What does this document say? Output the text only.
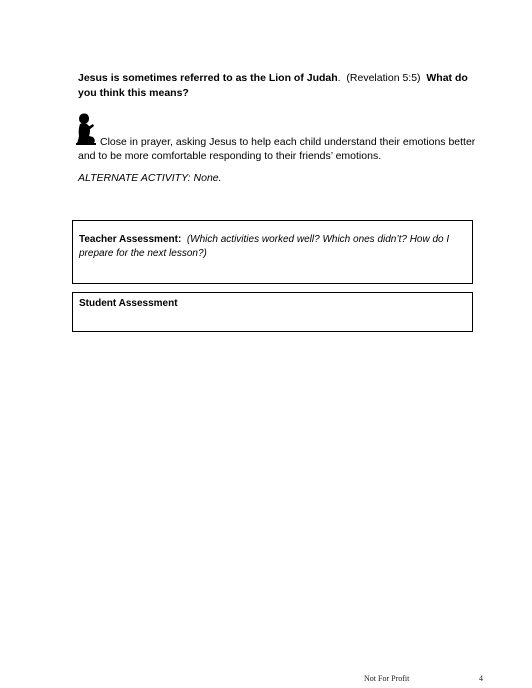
Jesus is sometimes referred to as the Lion of Judah.  (Revelation 5:5)  What do you think this means?

Close in prayer, asking Jesus to help each child understand their emotions better and to be more comfortable responding to their friends’ emotions.

ALTERNATE ACTIVITY: None.

Teacher Assessment: (Which activities worked well? Which ones didn’t? How do I prepare for the next lesson?)
Student Assessment
Not For Profit	4
